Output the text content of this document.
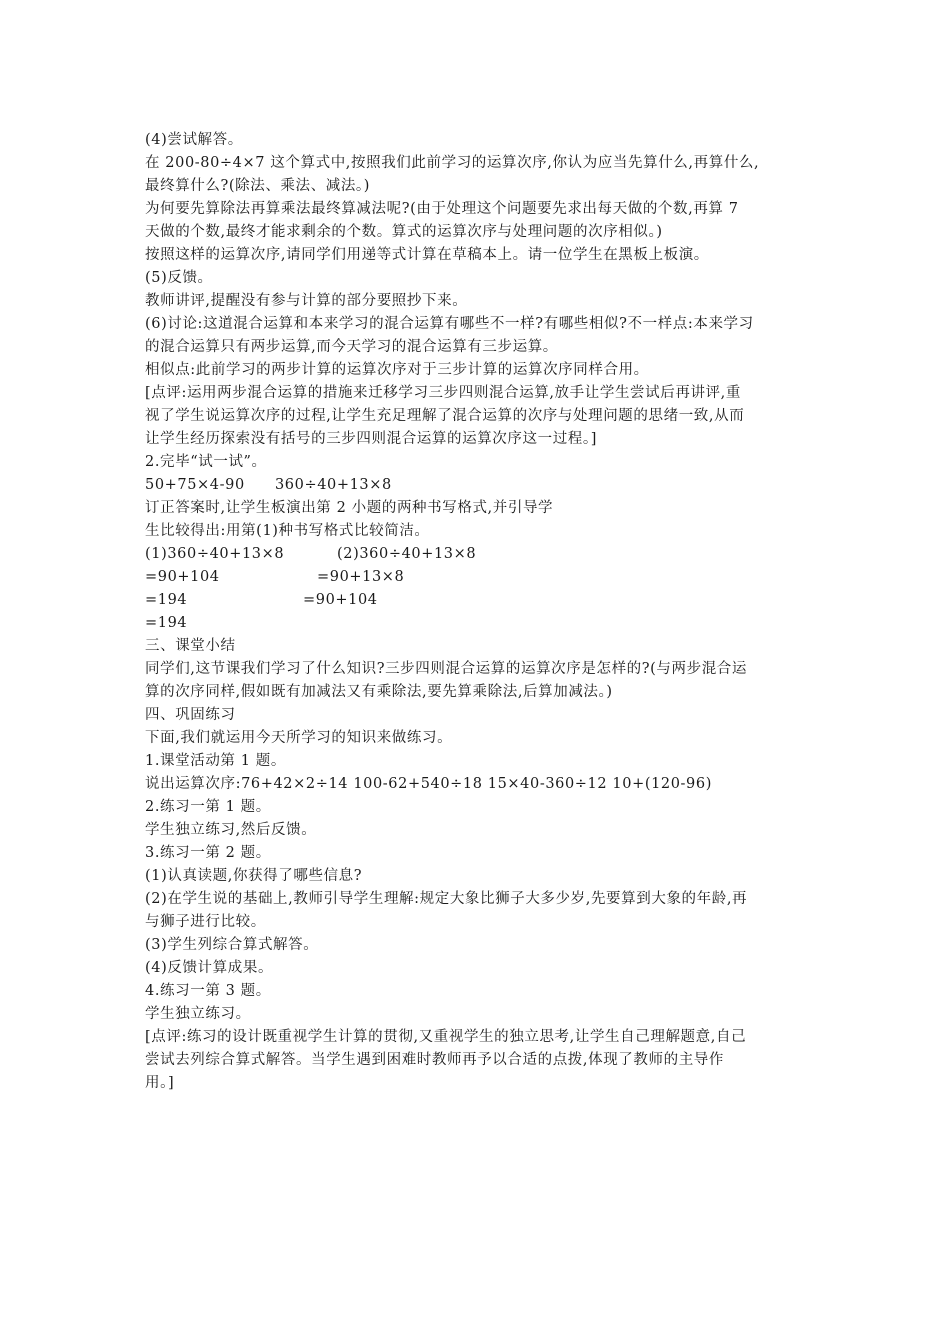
(4)尝试解答。
在 200-80÷4×7 这个算式中,按照我们此前学习的运算次序,你认为应当先算什么,再算什么,
最终算什么?(除法、乘法、减法。)
为何要先算除法再算乘法最终算减法呢?(由于处理这个问题要先求出每天做的个数,再算 7
天做的个数,最终才能求剩余的个数。算式的运算次序与处理问题的次序相似。)
按照这样的运算次序,请同学们用递等式计算在草稿本上。请一位学生在黑板上板演。
(5)反馈。
教师讲评,提醒没有参与计算的部分要照抄下来。
(6)讨论:这道混合运算和本来学习的混合运算有哪些不一样?有哪些相似?不一样点:本来学习
的混合运算只有两步运算,而今天学习的混合运算有三步运算。
相似点:此前学习的两步计算的运算次序对于三步计算的运算次序同样合用。
[点评:运用两步混合运算的措施来迁移学习三步四则混合运算,放手让学生尝试后再讲评,重
视了学生说运算次序的过程,让学生充足理解了混合运算的次序与处理问题的思绪一致,从而
让学生经历探索没有括号的三步四则混合运算的运算次序这一过程。]
2.完毕“试一试”。
50+75×4-90　　360÷40+13×8
订正答案时,让学生板演出第 2 小题的两种书写格式,并引导学
生比较得出:用第(1)种书写格式比较简洁。
(1)360÷40+13×8	(2)360÷40+13×8
=90+104	=90+13×8
=194	=90+104
=194
三、课堂小结
同学们,这节课我们学习了什么知识?三步四则混合运算的运算次序是怎样的?(与两步混合运
算的次序同样,假如既有加减法又有乘除法,要先算乘除法,后算加减法。)
四、巩固练习
下面,我们就运用今天所学习的知识来做练习。
1.课堂活动第 1 题。
说出运算次序:76+42×2÷14 100-62+540÷18 15×40-360÷12 10+(120-96)
2.练习一第 1 题。
学生独立练习,然后反馈。
3.练习一第 2 题。
(1)认真读题,你获得了哪些信息?
(2)在学生说的基础上,教师引导学生理解:规定大象比狮子大多少岁,先要算到大象的年龄,再
与狮子进行比较。
(3)学生列综合算式解答。
(4)反馈计算成果。
4.练习一第 3 题。
学生独立练习。
[点评:练习的设计既重视学生计算的贯彻,又重视学生的独立思考,让学生自己理解题意,自己
尝试去列综合算式解答。当学生遇到困难时教师再予以合适的点拨,体现了教师的主导作
用。]
